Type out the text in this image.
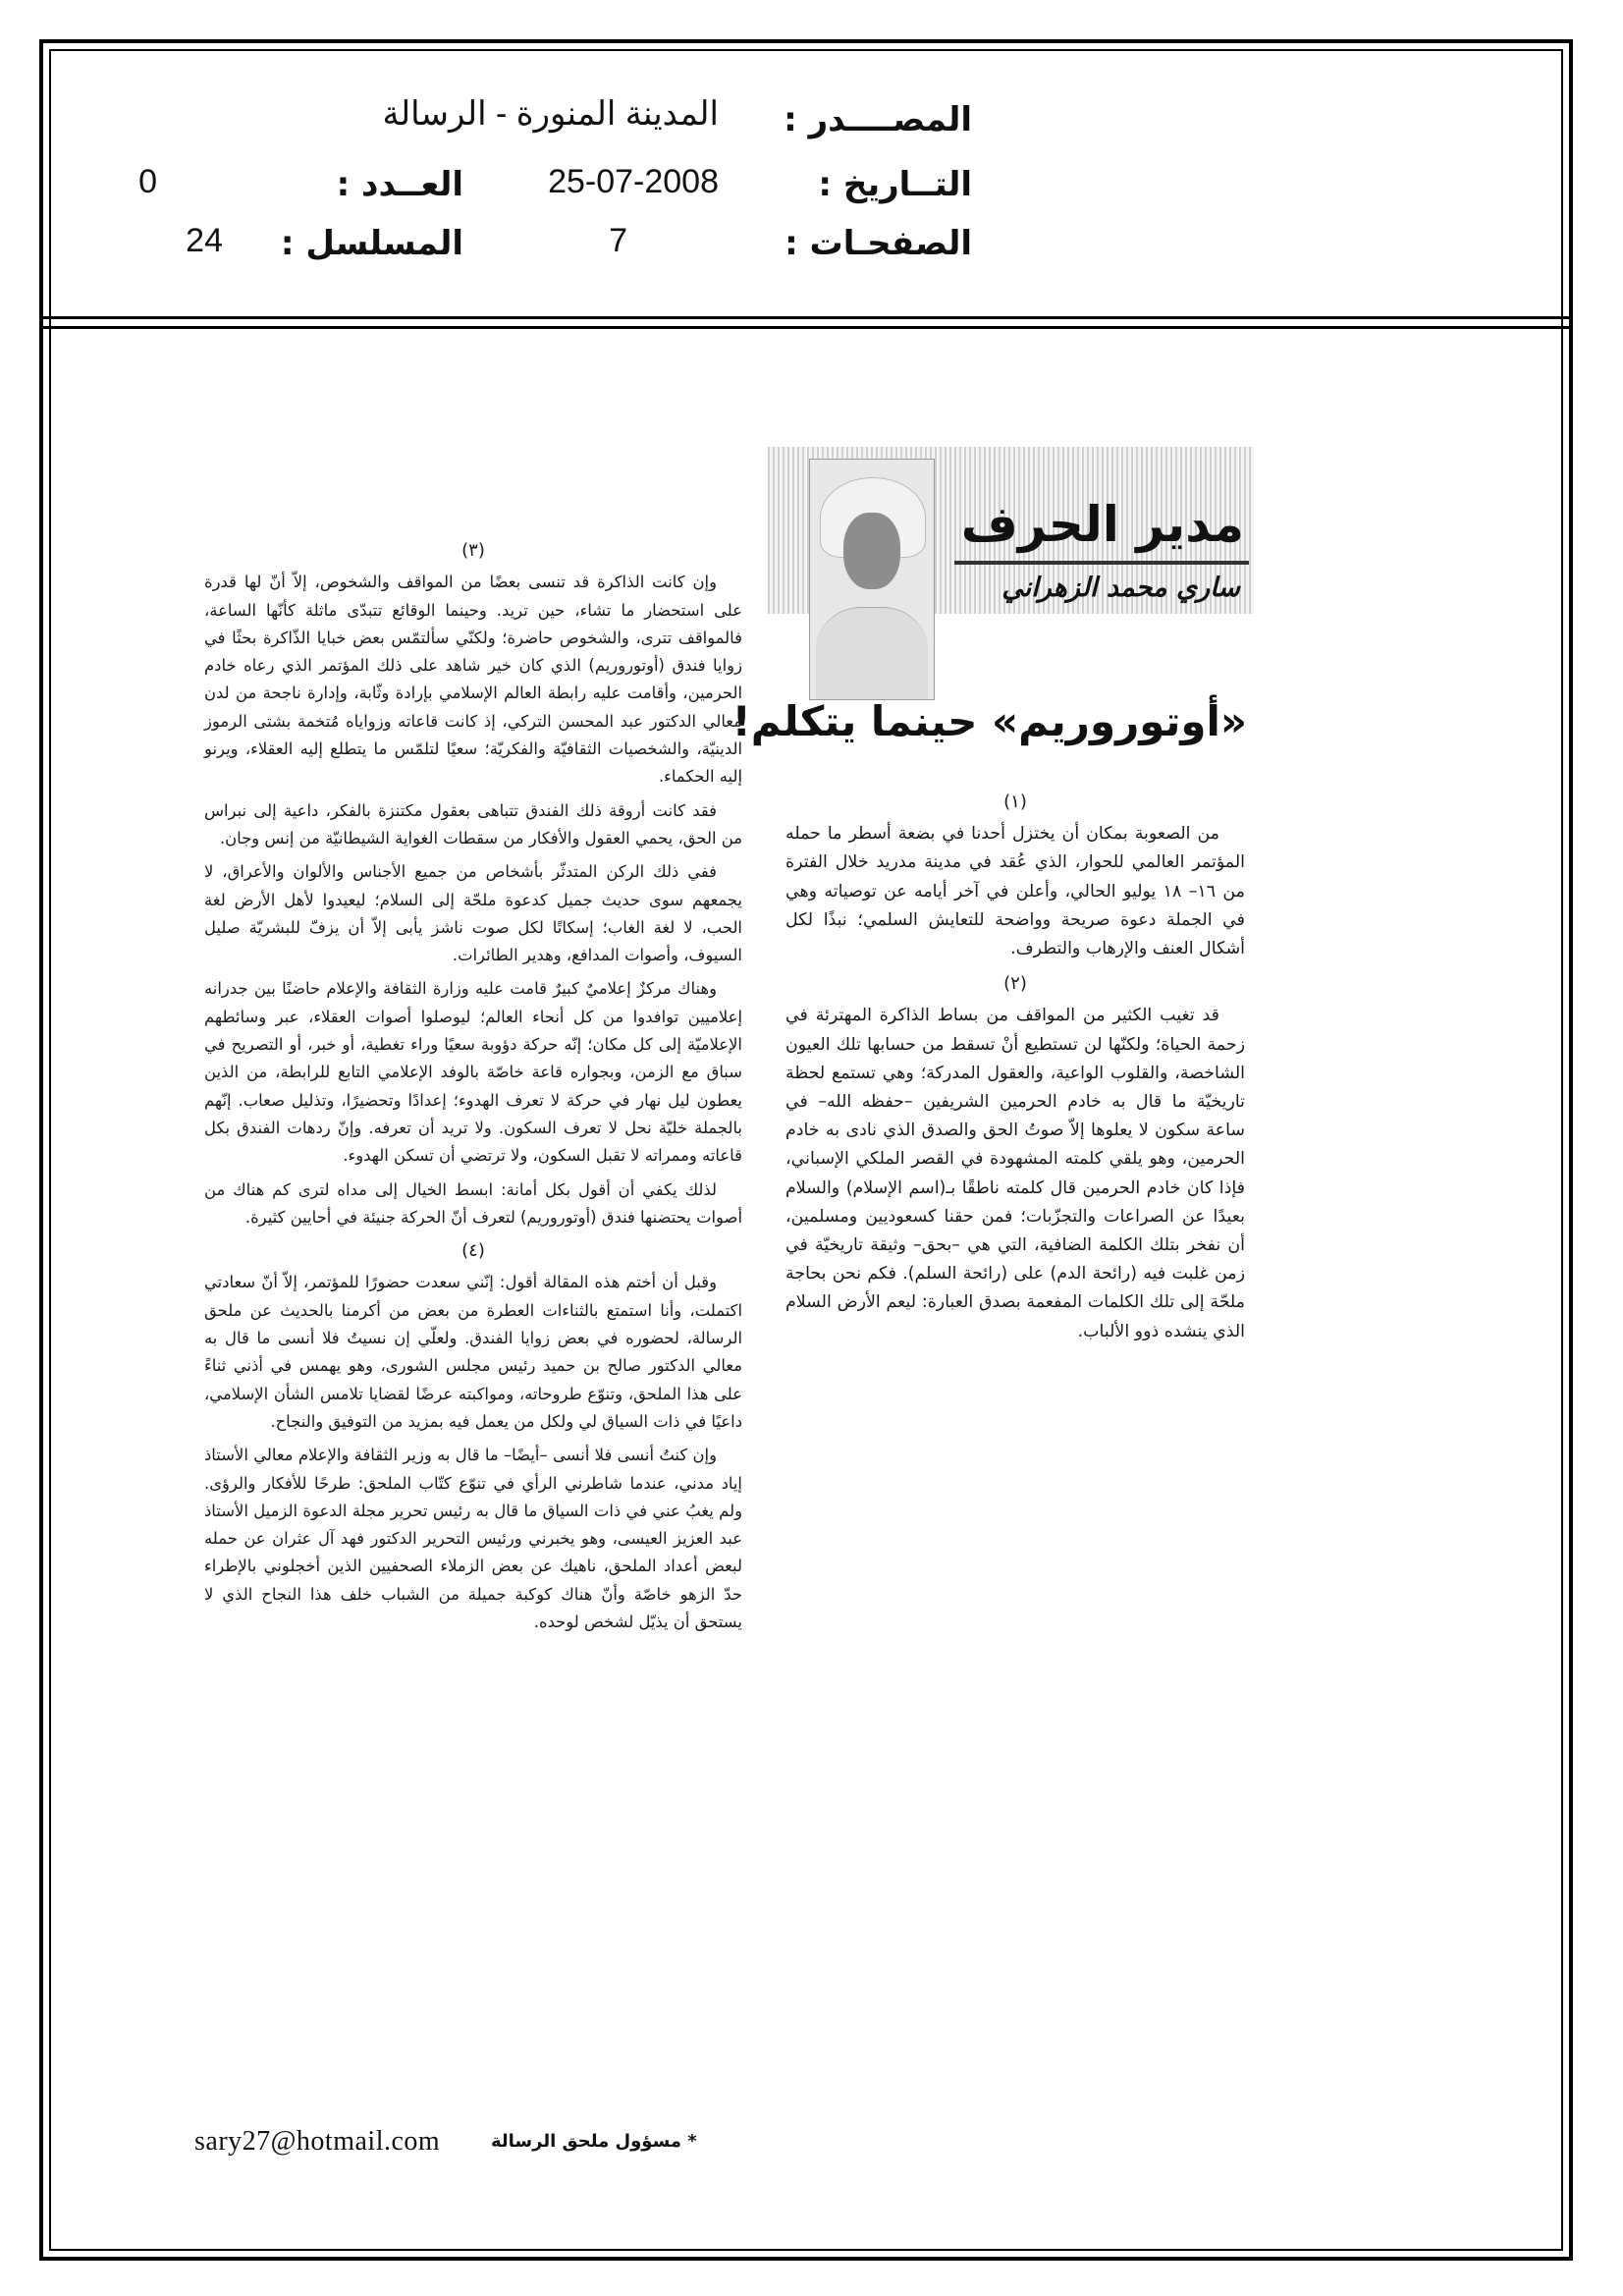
المصــــدر :
المدينة المنورة - الرسالة
التــاريخ :
25-07-2008
العــدد :
0
الصفحـات :
7
المسلسل :
24
مدير الحرف
ساري محمد الزهراني
«أوتوروريم» حينما يتكلم!
(١)

من الصعوبة بمكان أن يختزل أحدنا في بضعة أسطر ما حمله المؤتمر العالمي للحوار، الذي عُقد في مدينة مدريد خلال الفترة من ١٦– ١٨ يوليو الحالي، وأعلن في آخر أيامه عن توصياته وهي في الجملة دعوة صريحة وواضحة للتعايش السلمي؛ نبذًا لكل أشكال العنف والإرهاب والتطرف.

(٢)

قد تغيب الكثير من المواقف من بساط الذاكرة المهترئة في زحمة الحياة؛ ولكنّها لن تستطيع أنْ تسقط من حسابها تلك العيون الشاخصة، والقلوب الواعية، والعقول المدركة؛ وهي تستمع لحظة تاريخيّة ما قال به خادم الحرمين الشريفين –حفظه الله– في ساعة سكون لا يعلوها إلاّ صوتُ الحق والصدق الذي نادى به خادم الحرمين، وهو يلقي كلمته المشهودة في القصر الملكي الإسباني، فإذا كان خادم الحرمين قال كلمته ناطقًا بـ(اسم الإسلام) والسلام بعيدًا عن الصراعات والتجزّبات؛ فمن حقنا كسعوديين ومسلمين، أن نفخر بتلك الكلمة الضافية، التي هي –بحق– وثيقة تاريخيّة في زمن غلبت فيه (رائحة الدم) على (رائحة السلم). فكم نحن بحاجة ملحّة إلى تلك الكلمات المفعمة بصدق العبارة: ليعم الأرض السلام الذي ينشده ذوو الألباب.

(٣)

وإن كانت الذاكرة قد تنسى بعضًا من المواقف والشخوص، إلاّ أنّ لها قدرة على استحضار ما تشاء، حين تريد. وحينما الوقائع تتبدّى ماثلة كأنّها الساعة، فالمواقف تترى، والشخوص حاضرة؛ ولكنّي سألتمّس بعض خبايا الذّاكرة بحثًا في زوايا فندق (أوتوروريم) الذي كان خير شاهد على ذلك المؤتمر الذي رعاه خادم الحرمين، وأقامت عليه رابطة العالم الإسلامي بإرادة وثّابة، وإدارة ناجحة من لدن معالي الدكتور عبد المحسن التركي، إذ كانت قاعاته وزواياه مُتخمة بشتى الرموز الدينيّة، والشخصيات الثقافيّة والفكريّة؛ سعيًا لتلمّس ما يتطلع إليه العقلاء، ويرنو إليه الحكماء.

فقد كانت أروقة ذلك الفندق تتباهى بعقول مكتنزة بالفكر، داعية إلى نبراس من الحق، يحمي العقول والأفكار من سقطات الغواية الشيطانيّة من إنس وجان.

ففي ذلك الركن المتدثّر بأشخاص من جميع الأجناس والألوان والأعراق، لا يجمعهم سوى حديث جميل كدعوة ملحّة إلى السلام؛ ليعيدوا لأهل الأرض لغة الحب، لا لغة الغاب؛ إسكاتًا لكل صوت ناشز يأبى إلاّ أن يزفّ للبشريّة صليل السيوف، وأصوات المدافع، وهدير الطائرات.

وهناك مركزٌ إعلاميٌ كبيرٌ قامت عليه وزارة الثقافة والإعلام حاضنًا بين جدرانه إعلاميين توافدوا من كل أنحاء العالم؛ ليوصلوا أصوات العقلاء، عبر وسائطهم الإعلاميّة إلى كل مكان؛ إنّه حركة دؤوبة سعيًا وراء تغطية، أو خبر، أو التصريح في سباق مع الزمن، وبجواره قاعة خاصّة بالوفد الإعلامي التابع للرابطة، من الذين يعطون ليل نهار في حركة لا تعرف الهدوء؛ إعدادًا وتحضيرًا، وتذليل صعاب. إنّهم بالجملة خليّة نحل لا تعرف السكون. ولا تريد أن تعرفه. وإنّ ردهات الفندق بكل قاعاته وممراته لا تقبل السكون، ولا ترتضي أن تسكن الهدوء.

لذلك يكفي أن أقول بكل أمانة: ابسط الخيال إلى مداه لترى كم هناك من أصوات يحتضنها فندق (أوتوروريم) لتعرف أنّ الحركة جنيئة في أحايين كثيرة.

(٤)

وقبل أن أختم هذه المقالة أقول: إنّني سعدت حضورًا للمؤتمر، إلاّ أنّ سعادتي اكتملت، وأنا استمتع بالثناءات العطرة من بعض من أكرمنا بالحديث عن ملحق الرسالة، لحضوره في بعض زوايا الفندق. ولعلّي إن نسيتُ فلا أنسى ما قال به معالي الدكتور صالح بن حميد رئيس مجلس الشورى، وهو يهمس في أذني ثناءً على هذا الملحق، وتنوّع طروحاته، ومواكبته عرضًا لقضايا تلامس الشأن الإسلامي، داعيًا في ذات السياق لي ولكل من يعمل فيه بمزيد من التوفيق والنجاح.

وإن كنتُ أنسى فلا أنسى –أيضًا– ما قال به وزير الثقافة والإعلام معالي الأستاذ إياد مدني، عندما شاطرني الرأي في تنوّع كتّاب الملحق: طرحًا للأفكار والرؤى. ولم يغبُ عني في ذات السياق ما قال به رئيس تحرير مجلة الدعوة الزميل الأستاذ عبد العزيز العيسى، وهو يخبرني ورئيس التحرير الدكتور فهد آل عثران عن حمله لبعض أعداد الملحق، ناهيك عن بعض الزملاء الصحفيين الذين أخجلوني بالإطراء حدّ الزهو خاصّة وأنّ هناك كوكبة جميلة من الشباب خلف هذا النجاح الذي لا يستحق أن يذيّل لشخص لوحده.

sary27@hotmail.com	* مسؤول ملحق الرسالة
